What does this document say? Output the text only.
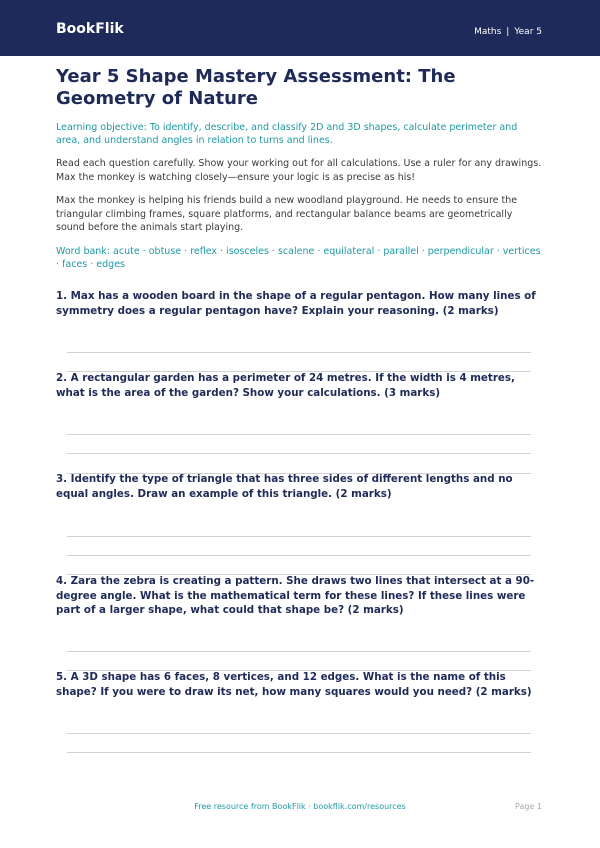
BookFlik	Maths | Year 5
Year 5 Shape Mastery Assessment: The Geometry of Nature

Learning objective: To identify, describe, and classify 2D and 3D shapes, calculate perimeter and area, and understand angles in relation to turns and lines.

Read each question carefully. Show your working out for all calculations. Use a ruler for any drawings. Max the monkey is watching closely—ensure your logic is as precise as his!

Max the monkey is helping his friends build a new woodland playground. He needs to ensure the triangular climbing frames, square platforms, and rectangular balance beams are geometrically sound before the animals start playing.

Word bank: acute · obtuse · reflex · isosceles · scalene · equilateral · parallel · perpendicular · vertices · faces · edges

1. Max has a wooden board in the shape of a regular pentagon. How many lines of symmetry does a regular pentagon have? Explain your reasoning. (2 marks)

2. A rectangular garden has a perimeter of 24 metres. If the width is 4 metres, what is the area of the garden? Show your calculations. (3 marks)

3. Identify the type of triangle that has three sides of different lengths and no equal angles. Draw an example of this triangle. (2 marks)

4. Zara the zebra is creating a pattern. She draws two lines that intersect at a 90-degree angle. What is the mathematical term for these lines? If these lines were part of a larger shape, what could that shape be? (2 marks)

5. A 3D shape has 6 faces, 8 vertices, and 12 edges. What is the name of this shape? If you were to draw its net, how many squares would you need? (2 marks)

Free resource from BookFlik · bookflik.com/resources	Page 1
